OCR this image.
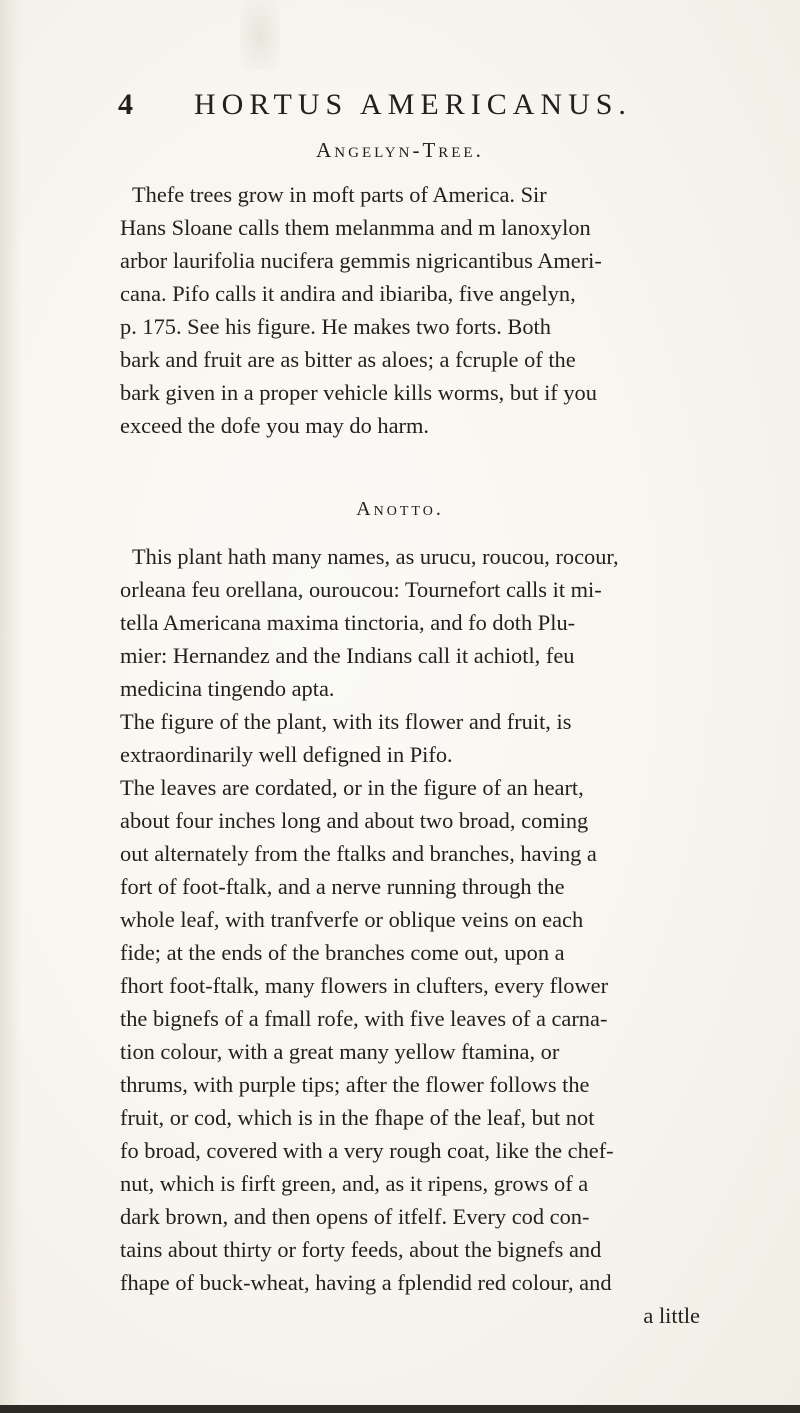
4 HORTUS AMERICANUS.
Angelyn-Tree.
Thefe trees grow in moft parts of America. Sir
Hans Sloane calls them melanmma and m lanoxylon
arbor laurifolia nucifera gemmis nigricantibus Ameri-
cana. Pifo calls it andira and ibiariba, five angelyn,
p. 175. See his figure. He makes two forts. Both
bark and fruit are as bitter as aloes; a fcruple of the
bark given in a proper vehicle kills worms, but if you
exceed the dofe you may do harm.
Anotto.
This plant hath many names, as urucu, roucou, rocour,
orleana feu orellana, ouroucou: Tournefort calls it mi-
tella Americana maxima tinctoria, and fo doth Plu-
mier: Hernandez and the Indians call it achiotl, feu
medicina tingendo apta.
The figure of the plant, with its flower and fruit, is
extraordinarily well defigned in Pifo.
The leaves are cordated, or in the figure of an heart,
about four inches long and about two broad, coming
out alternately from the ftalks and branches, having a
fort of foot-ftalk, and a nerve running through the
whole leaf, with tranfverfe or oblique veins on each
fide; at the ends of the branches come out, upon a
fhort foot-ftalk, many flowers in clufters, every flower
the bignefs of a fmall rofe, with five leaves of a carna-
tion colour, with a great many yellow ftamina, or
thrums, with purple tips; after the flower follows the
fruit, or cod, which is in the fhape of the leaf, but not
fo broad, covered with a very rough coat, like the chef-
nut, which is firft green, and, as it ripens, grows of a
dark brown, and then opens of itfelf. Every cod con-
tains about thirty or forty feeds, about the bignefs and
fhape of buck-wheat, having a fplendid red colour, and
a little
